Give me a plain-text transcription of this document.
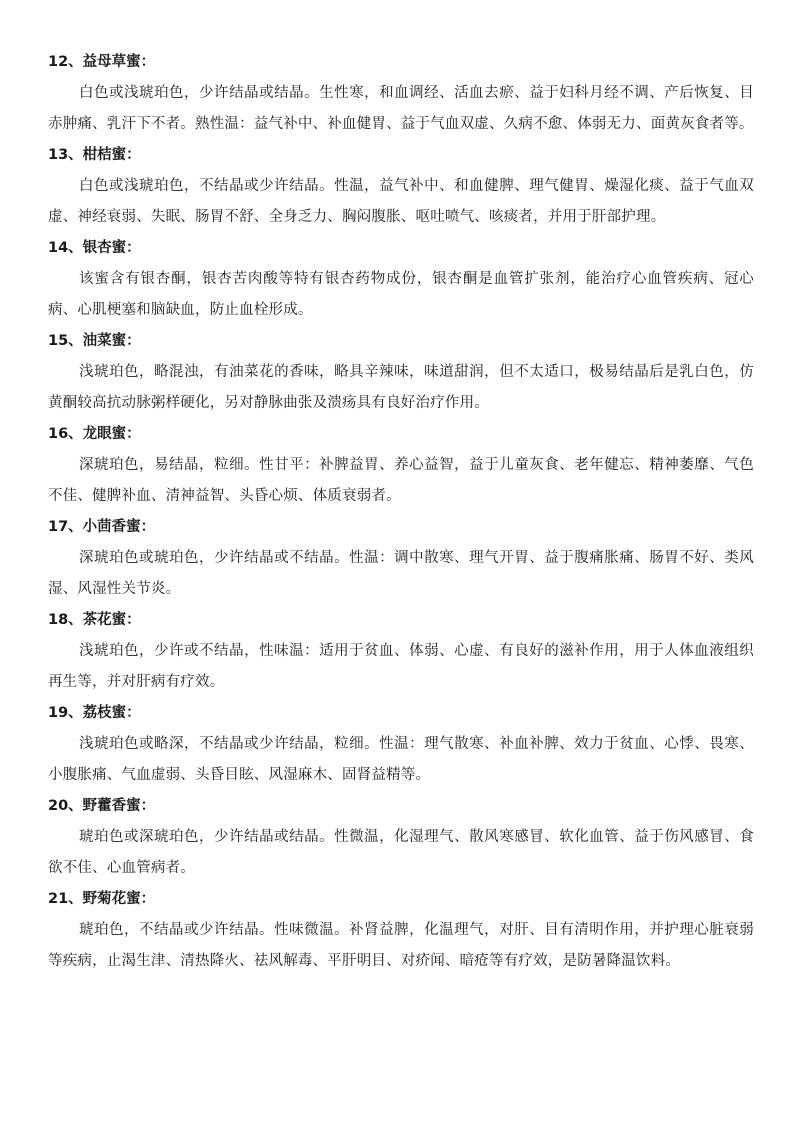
12、益母草蜜：

白色或浅琥珀色，少许结晶或结晶。生性寒，和血调经、活血去瘀、益于妇科月经不调、产后恢复、目赤肿痛、乳汗下不者。熟性温：益气补中、补血健胃、益于气血双虚、久病不愈、体弱无力、面黄灰食者等。

13、柑桔蜜：

白色或浅琥珀色，不结晶或少许结晶。性温，益气补中、和血健脾、理气健胃、燥湿化痰、益于气血双虚、神经衰弱、失眠、肠胃不舒、全身乏力、胸闷腹胀、呕吐喷气、咳痰者，并用于肝部护理。

14、银杏蜜：

该蜜含有银杏酮，银杏苦肉酸等特有银杏药物成份，银杏酮是血管扩张剂，能治疗心血管疾病、冠心病、心肌梗塞和脑缺血，防止血栓形成。

15、油菜蜜：

浅琥珀色，略混浊，有油菜花的香味，略具辛辣味，味道甜润，但不太适口，极易结晶后是乳白色，仿黄酮较高抗动脉粥样硬化，另对静脉曲张及溃疡具有良好治疗作用。

16、龙眼蜜：

深琥珀色，易结晶，粒细。性甘平：补脾益胃、养心益智，益于儿童灰食、老年健忘、精神萎靡、气色不佳、健脾补血、清神益智、头昏心烦、体质衰弱者。

17、小茴香蜜：

深琥珀色或琥珀色，少许结晶或不结晶。性温：调中散寒、理气开胃、益于腹痛胀痛、肠胃不好、类风湿、风湿性关节炎。

18、茶花蜜：

浅琥珀色，少许或不结晶，性味温：适用于贫血、体弱、心虚、有良好的滋补作用，用于人体血液组织再生等，并对肝病有疗效。

19、荔枝蜜：

浅琥珀色或略深，不结晶或少许结晶，粒细。性温：理气散寒、补血补脾、效力于贫血、心悸、畏寒、小腹胀痛、气血虚弱、头昏目眩、风湿麻木、固肾益精等。

20、野藿香蜜：

琥珀色或深琥珀色，少许结晶或结晶。性微温，化湿理气、散风寒感冒、软化血管、益于伤风感冒、食欲不佳、心血管病者。

21、野菊花蜜：

琥珀色，不结晶或少许结晶。性味微温。补肾益脾，化温理气，对肝、目有清明作用，并护理心脏衰弱等疾病，止渴生津、清热降火、祛风解毒、平肝明目、对疥闻、暗疮等有疗效，是防暑降温饮料。
